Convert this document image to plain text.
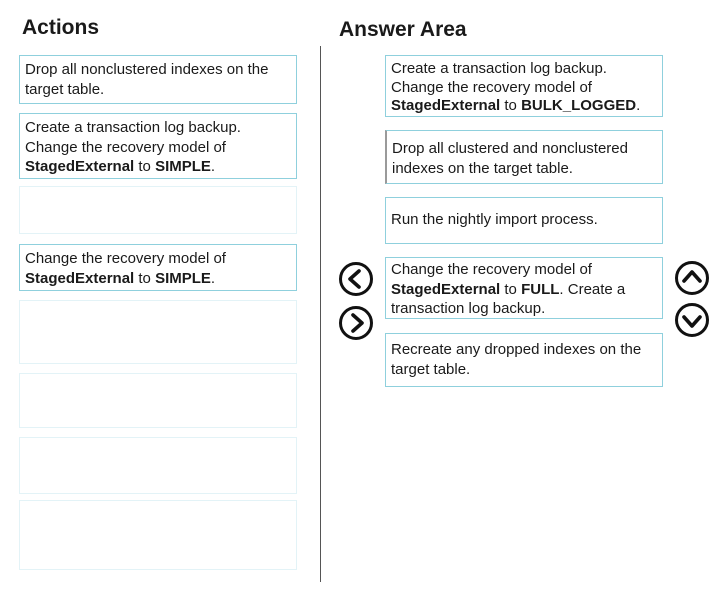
Actions	Answer Area
Drop all nonclustered indexes on the target table.
Create a transaction log backup.
Change the recovery model of
StagedExternal to SIMPLE.
Change the recovery model of
StagedExternal to SIMPLE.
Create a transaction log backup.
Change the recovery model of
StagedExternal to BULK_LOGGED.
Drop all clustered and nonclustered indexes on the target table.
Run the nightly import process.
Change the recovery model of
StagedExternal to FULL. Create a transaction log backup.
Recreate any dropped indexes on the target table.
